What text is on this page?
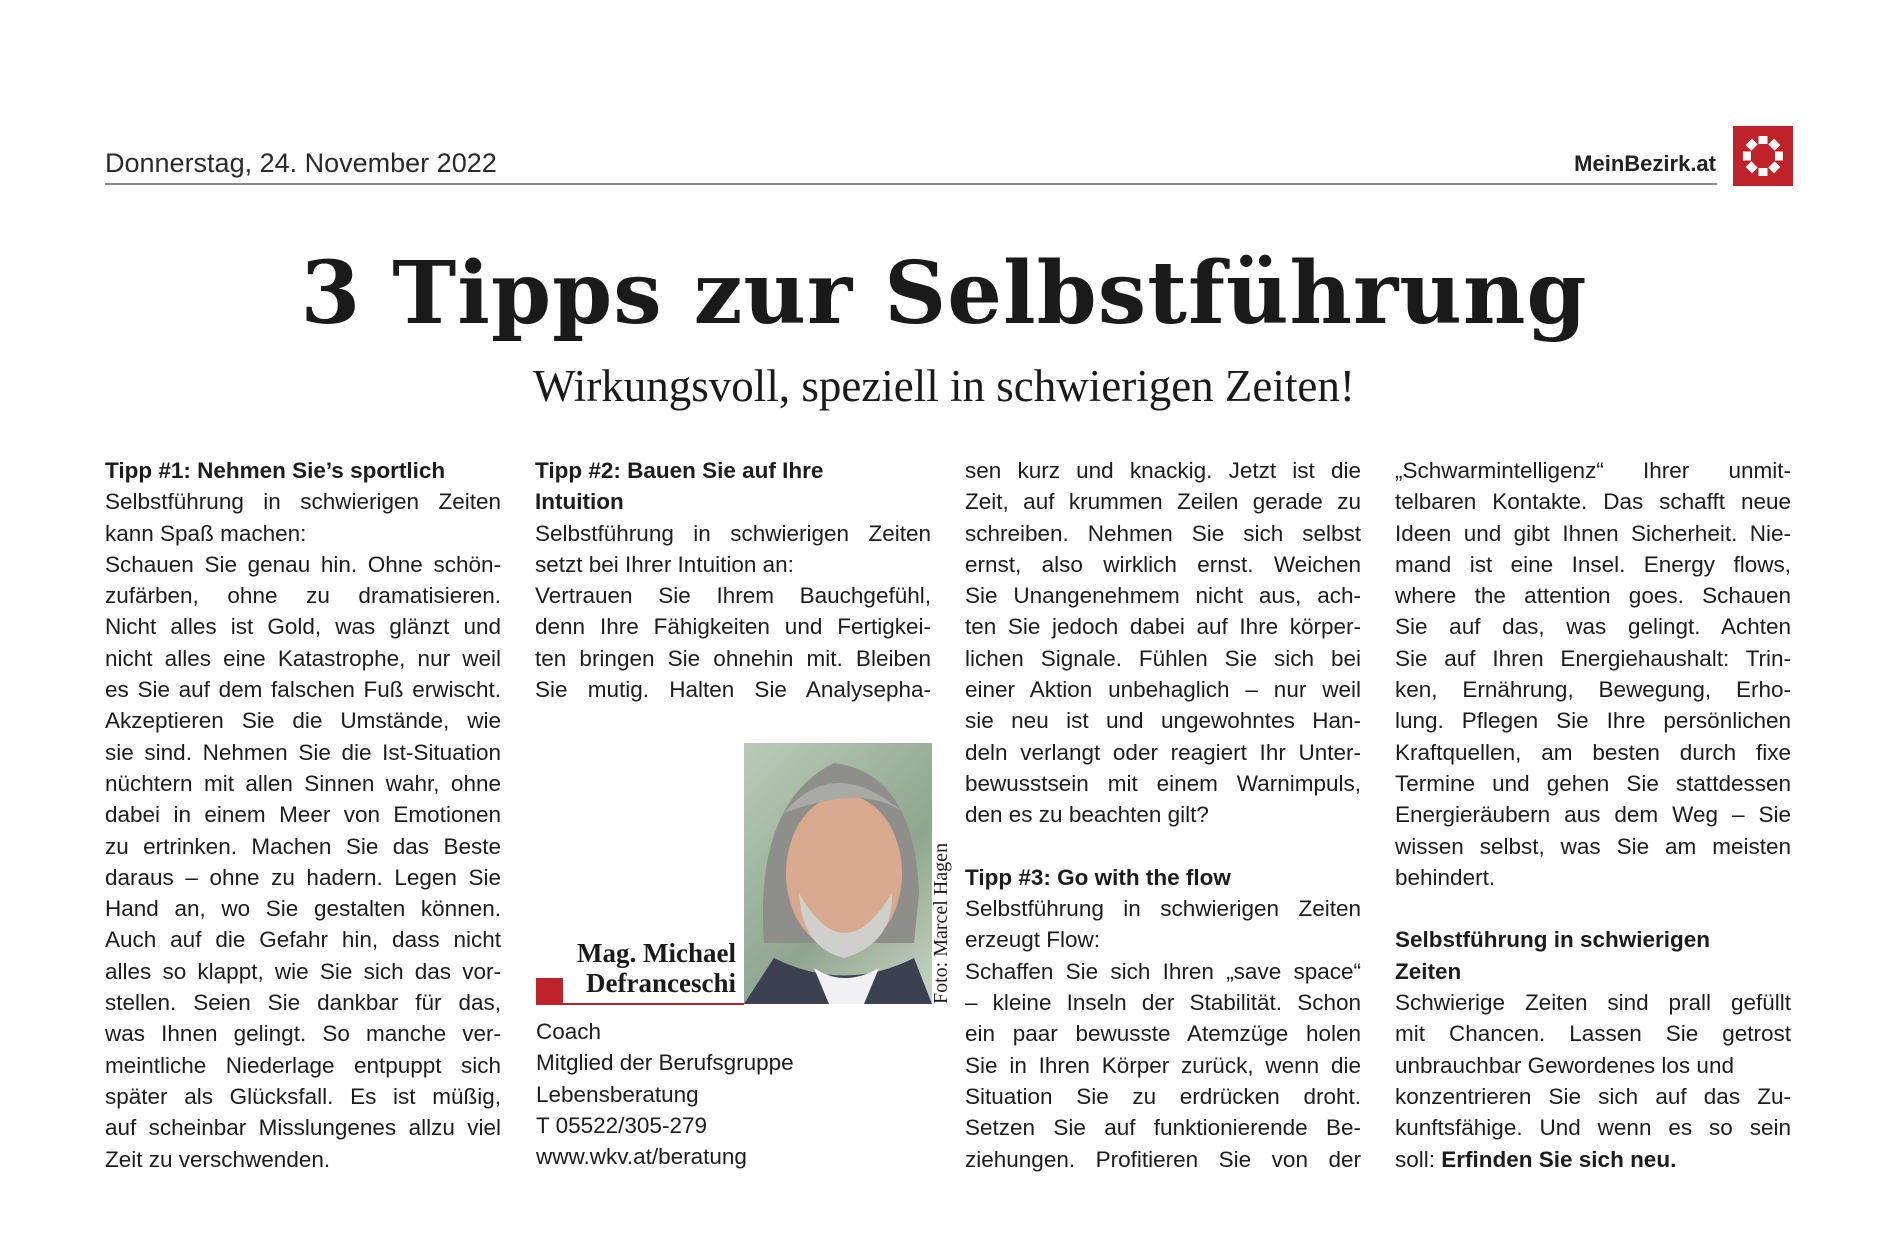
Donnerstag, 24. November 2022	MeinBezirk.at
3 Tipps zur Selbstführung
Wirkungsvoll, speziell in schwierigen Zeiten!
Tipp #1: Nehmen Sie’s sportlich
Selbstführung in schwierigen Zeiten
kann Spaß machen:
Schauen Sie genau hin. Ohne schön-
zufärben, ohne zu dramatisieren.
Nicht alles ist Gold, was glänzt und
nicht alles eine Katastrophe, nur weil
es Sie auf dem falschen Fuß erwischt.
Akzeptieren Sie die Umstände, wie
sie sind. Nehmen Sie die Ist-Situation
nüchtern mit allen Sinnen wahr, ohne
dabei in einem Meer von Emotionen
zu ertrinken. Machen Sie das Beste
daraus – ohne zu hadern. Legen Sie
Hand an, wo Sie gestalten können.
Auch auf die Gefahr hin, dass nicht
alles so klappt, wie Sie sich das vor-
stellen. Seien Sie dankbar für das,
was Ihnen gelingt. So manche ver-
meintliche Niederlage entpuppt sich
später als Glücksfall. Es ist müßig,
auf scheinbar Misslungenes allzu viel
Zeit zu verschwenden.
Tipp #2: Bauen Sie auf Ihre
Intuition
Selbstführung in schwierigen Zeiten
setzt bei Ihrer Intuition an:
Vertrauen Sie Ihrem Bauchgefühl,
denn Ihre Fähigkeiten und Fertigkei-
ten bringen Sie ohnehin mit. Bleiben
Sie mutig. Halten Sie Analysepha-
sen kurz und knackig. Jetzt ist die
Zeit, auf krummen Zeilen gerade zu
schreiben. Nehmen Sie sich selbst
ernst, also wirklich ernst. Weichen
Sie Unangenehmem nicht aus, ach-
ten Sie jedoch dabei auf Ihre körper-
lichen Signale. Fühlen Sie sich bei
einer Aktion unbehaglich – nur weil
sie neu ist und ungewohntes Han-
deln verlangt oder reagiert Ihr Unter-
bewusstsein mit einem Warnimpuls,
den es zu beachten gilt?
Tipp #3: Go with the flow
Selbstführung in schwierigen Zeiten
erzeugt Flow:
Schaffen Sie sich Ihren „save space“
– kleine Inseln der Stabilität. Schon
ein paar bewusste Atemzüge holen
Sie in Ihren Körper zurück, wenn die
Situation Sie zu erdrücken droht.
Setzen Sie auf funktionierende Be-
ziehungen. Profitieren Sie von der
„Schwarmintelligenz“ Ihrer unmit-
telbaren Kontakte. Das schafft neue
Ideen und gibt Ihnen Sicherheit. Nie-
mand ist eine Insel. Energy flows,
where the attention goes. Schauen
Sie auf das, was gelingt. Achten
Sie auf Ihren Energiehaushalt: Trin-
ken, Ernährung, Bewegung, Erho-
lung. Pflegen Sie Ihre persönlichen
Kraftquellen, am besten durch fixe
Termine und gehen Sie stattdessen
Energieräubern aus dem Weg – Sie
wissen selbst, was Sie am meisten
behindert.
Selbstführung in schwierigen
Zeiten
Schwierige Zeiten sind prall gefüllt
mit Chancen. Lassen Sie getrost
unbrauchbar Gewordenes los und
konzentrieren Sie sich auf das Zu-
kunftsfähige. Und wenn es so sein
soll: Erfinden Sie sich neu.
Mag. Michael
Defranceschi	Foto: Marcel Hagen
Coach
Mitglied der Berufsgruppe
Lebensberatung
T 05522/305-279
www.wkv.at/beratung
